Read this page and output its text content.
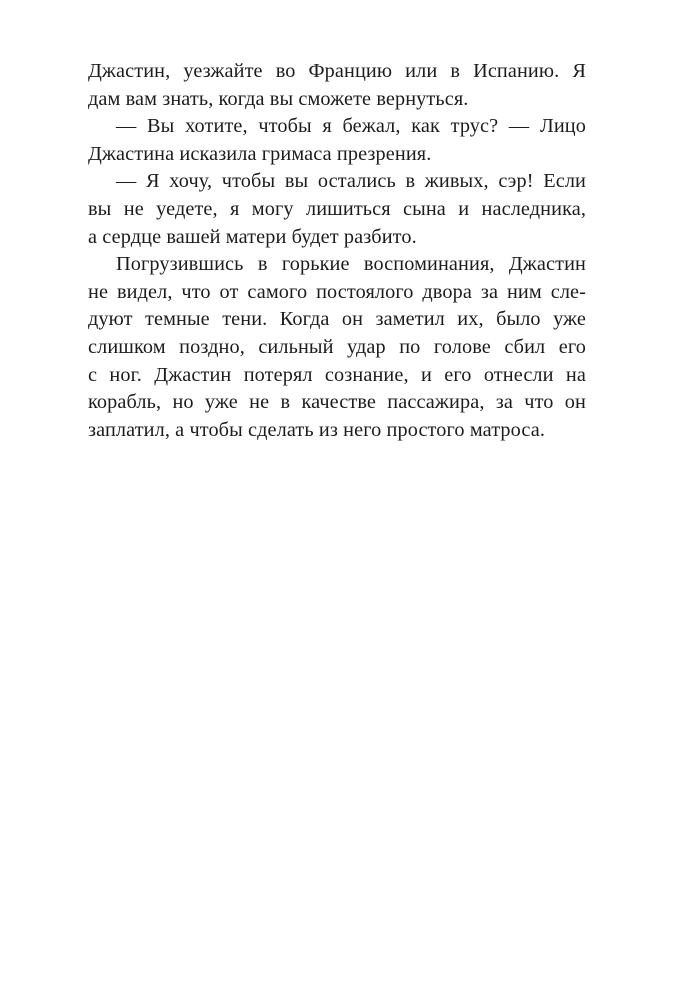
Джастин, уезжайте во Францию или в Испанию. Я
дам вам знать, когда вы сможете вернуться.
— Вы хотите, чтобы я бежал, как трус? — Лицо
Джастина исказила гримаса презрения.
— Я хочу, чтобы вы остались в живых, сэр! Если
вы не уедете, я могу лишиться сына и наследника,
а сердце вашей матери будет разбито.
Погрузившись в горькие воспоминания, Джастин
не видел, что от самого постоялого двора за ним сле-
дуют темные тени. Когда он заметил их, было уже
слишком поздно, сильный удар по голове сбил его
с ног. Джастин потерял сознание, и его отнесли на
корабль, но уже не в качестве пассажира, за что он
заплатил, а чтобы сделать из него простого матроса.
